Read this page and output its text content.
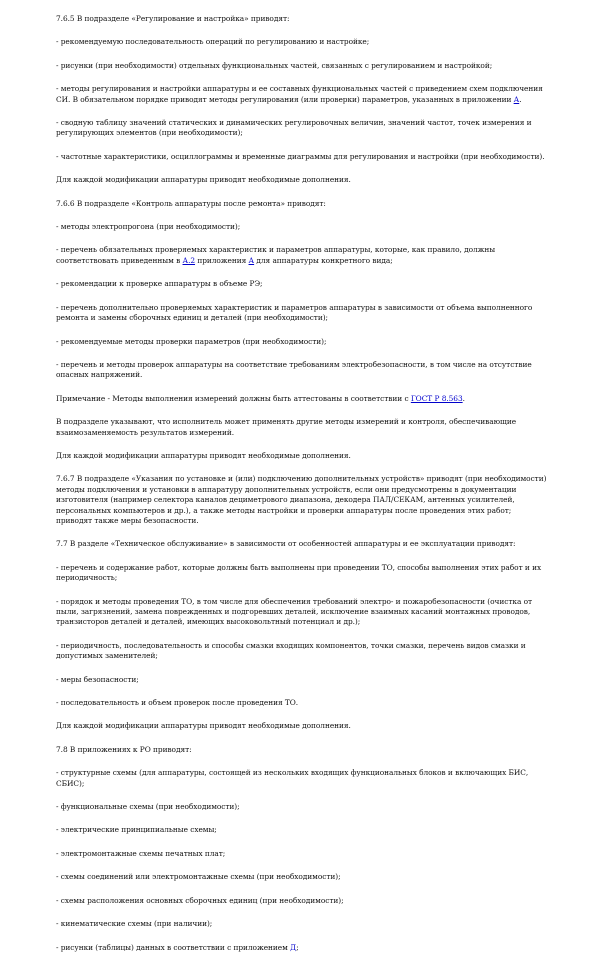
7.6.5 В подразделе «Регулирование и настройка» приводят:

- рекомендуемую последовательность операций по регулированию и настройке;

- рисунки (при необходимости) отдельных функциональных частей, связанных с регулированием и настройкой;

- методы регулирования и настройки аппаратуры и ее составных функциональных частей с приведением схем подключения СИ. В обязательном порядке приводят методы регулирования (или проверки) параметров, указанных в приложении А.

- сводную таблицу значений статических и динамических регулировочных величин, значений частот, точек измерения и регулирующих элементов (при необходимости);

- частотные характеристики, осциллограммы и временные диаграммы для регулирования и настройки (при необходимости).

Для каждой модификации аппаратуры приводят необходимые дополнения.

7.6.6 В подразделе «Контроль аппаратуры после ремонта» приводят:

- методы электропрогона (при необходимости);

- перечень обязательных проверяемых характеристик и параметров аппаратуры, которые, как правило, должны соответствовать приведенным в А.2 приложения А для аппаратуры конкретного вида;

- рекомендации к проверке аппаратуры в объеме РЭ;

- перечень дополнительно проверяемых характеристик и параметров аппаратуры в зависимости от объема выполненного ремонта и замены сборочных единиц и деталей (при необходимости);

- рекомендуемые методы проверки параметров (при необходимости);

- перечень и методы проверок аппаратуры на соответствие требованиям электробезопасности, в том числе на отсутствие опасных напряжений.

Примечание - Методы выполнения измерений должны быть аттестованы в соответствии с ГОСТ Р 8.563.

В подразделе указывают, что исполнитель может применять другие методы измерений и контроля, обеспечивающие взаимозаменяемость результатов измерений.

Для каждой модификации аппаратуры приводят необходимые дополнения.

7.6.7 В подразделе «Указания по установке и (или) подключению дополнительных устройств» приводят (при необходимости) методы подключения и установки в аппаратуру дополнительных устройств, если они предусмотрены в документации изготовителя (например селектора каналов дециметрового диапазона, декодера ПАЛ/СЕКАМ, антенных усилителей, персональных компьютеров и др.), а также методы настройки и проверки аппаратуры после проведения этих работ; приводят также меры безопасности.

7.7 В разделе «Техническое обслуживание» в зависимости от особенностей аппаратуры и ее эксплуатации приводят:

- перечень и содержание работ, которые должны быть выполнены при проведении ТО, способы выполнения этих работ и их периодичность;

- порядок и методы проведения ТО, в том числе для обеспечения требований электро- и пожаробезопасности (очистка от пыли, загрязнений, замена поврежденных и подгоревших деталей, исключение взаимных касаний монтажных проводов, транзисторов деталей и деталей, имеющих высоковольтный потенциал и др.);

- периодичность, последовательность и способы смазки входящих компонентов, точки смазки, перечень видов смазки и допустимых заменителей;

- меры безопасности;

- последовательность и объем проверок после проведения ТО.

Для каждой модификации аппаратуры приводят необходимые дополнения.

7.8 В приложениях к РО приводят:

- структурные схемы (для аппаратуры, состоящей из нескольких входящих функциональных блоков и включающих БИС, СБИС);

- функциональные схемы (при необходимости);

- электрические принципиальные схемы;

- электромонтажные схемы печатных плат;

- схемы соединений или электромонтажные схемы (при необходимости);

- схемы расположения основных сборочных единиц (при необходимости);

- кинематические схемы (при наличии);

- рисунки (таблицы) данных в соответствии с приложением Д;
